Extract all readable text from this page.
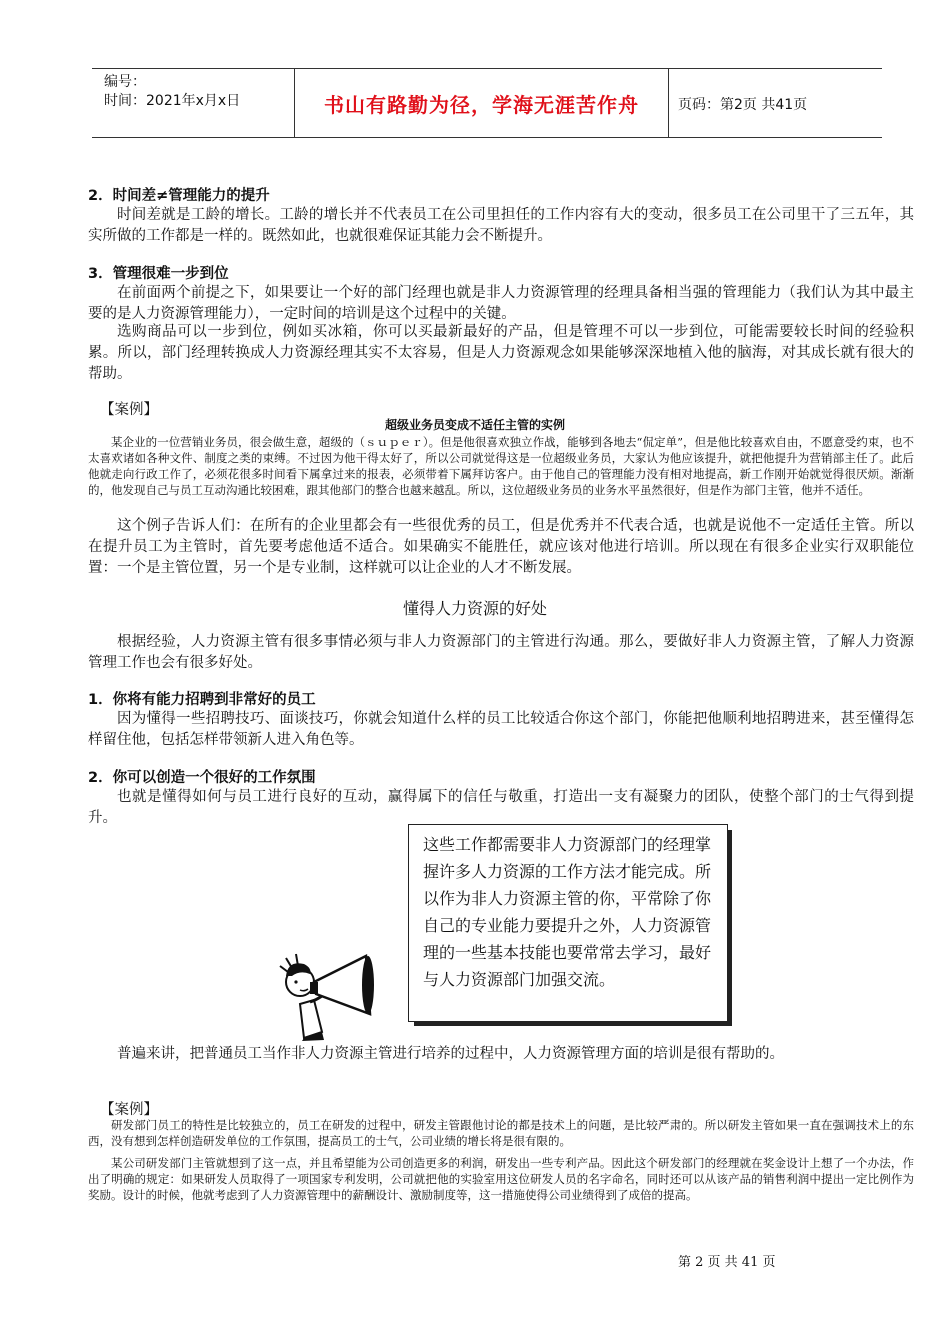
编号：
时间：2021年x月x日	书山有路勤为径，学海无涯苦作舟	页码：第2页 共41页
2．时间差≠管理能力的提升
时间差就是工龄的增长。工龄的增长并不代表员工在公司里担任的工作内容有大的变动，很多员工在公司里干了三五年，其实所做的工作都是一样的。既然如此，也就很难保证其能力会不断提升。
3．管理很难一步到位
在前面两个前提之下，如果要让一个好的部门经理也就是非人力资源管理的经理具备相当强的管理能力（我们认为其中最主要的是人力资源管理能力），一定时间的培训是这个过程中的关键。
选购商品可以一步到位，例如买冰箱，你可以买最新最好的产品，但是管理不可以一步到位，可能需要较长时间的经验积累。所以，部门经理转换成人力资源经理其实不太容易，但是人力资源观念如果能够深深地植入他的脑海，对其成长就有很大的帮助。
【案例】
超级业务员变成不适任主管的实例
某企业的一位营销业务员，很会做生意，超级的（ｓｕｐｅｒ）。但是他很喜欢独立作战，能够到各地去“侃定单”，但是他比较喜欢自由，不愿意受约束，也不太喜欢诸如各种文件、制度之类的束缚。不过因为他干得太好了，所以公司就觉得这是一位超级业务员，大家认为他应该提升，就把他提升为营销部主任了。此后他就走向行政工作了，必须花很多时间看下属拿过来的报表，必须带着下属拜访客户。由于他自己的管理能力没有相对地提高，新工作刚开始就觉得很厌烦。渐渐的，他发现自己与员工互动沟通比较困难，跟其他部门的整合也越来越乱。所以，这位超级业务员的业务水平虽然很好，但是作为部门主管，他并不适任。
这个例子告诉人们：在所有的企业里都会有一些很优秀的员工，但是优秀并不代表合适，也就是说他不一定适任主管。所以在提升员工为主管时，首先要考虑他适不适合。如果确实不能胜任，就应该对他进行培训。所以现在有很多企业实行双职能位置：一个是主管位置，另一个是专业制，这样就可以让企业的人才不断发展。
懂得人力资源的好处
根据经验，人力资源主管有很多事情必须与非人力资源部门的主管进行沟通。那么，要做好非人力资源主管，了解人力资源管理工作也会有很多好处。
1．你将有能力招聘到非常好的员工
因为懂得一些招聘技巧、面谈技巧，你就会知道什么样的员工比较适合你这个部门，你能把他顺利地招聘进来，甚至懂得怎样留住他，包括怎样带领新人进入角色等。
2．你可以创造一个很好的工作氛围
也就是懂得如何与员工进行良好的互动，赢得属下的信任与敬重，打造出一支有凝聚力的团队，使整个部门的士气得到提升。
这些工作都需要非人力资源部门的经理掌握许多人力资源的工作方法才能完成。所以作为非人力资源主管的你，平常除了你自己的专业能力要提升之外，人力资源管理的一些基本技能也要常常去学习，最好与人力资源部门加强交流。
普遍来讲，把普通员工当作非人力资源主管进行培养的过程中，人力资源管理方面的培训是很有帮助的。
【案例】
研发部门员工的特性是比较独立的，员工在研发的过程中，研发主管跟他讨论的都是技术上的问题，是比较严肃的。所以研发主管如果一直在强调技术上的东西，没有想到怎样创造研发单位的工作氛围，提高员工的士气，公司业绩的增长将是很有限的。
某公司研发部门主管就想到了这一点，并且希望能为公司创造更多的利润，研发出一些专利产品。因此这个研发部门的经理就在奖金设计上想了一个办法，作出了明确的规定：如果研发人员取得了一项国家专利发明，公司就把他的实验室用这位研发人员的名字命名，同时还可以从该产品的销售利润中提出一定比例作为奖励。设计的时候，他就考虑到了人力资源管理中的薪酬设计、激励制度等，这一措施使得公司业绩得到了成倍的提高。
第 2 页 共 41 页
